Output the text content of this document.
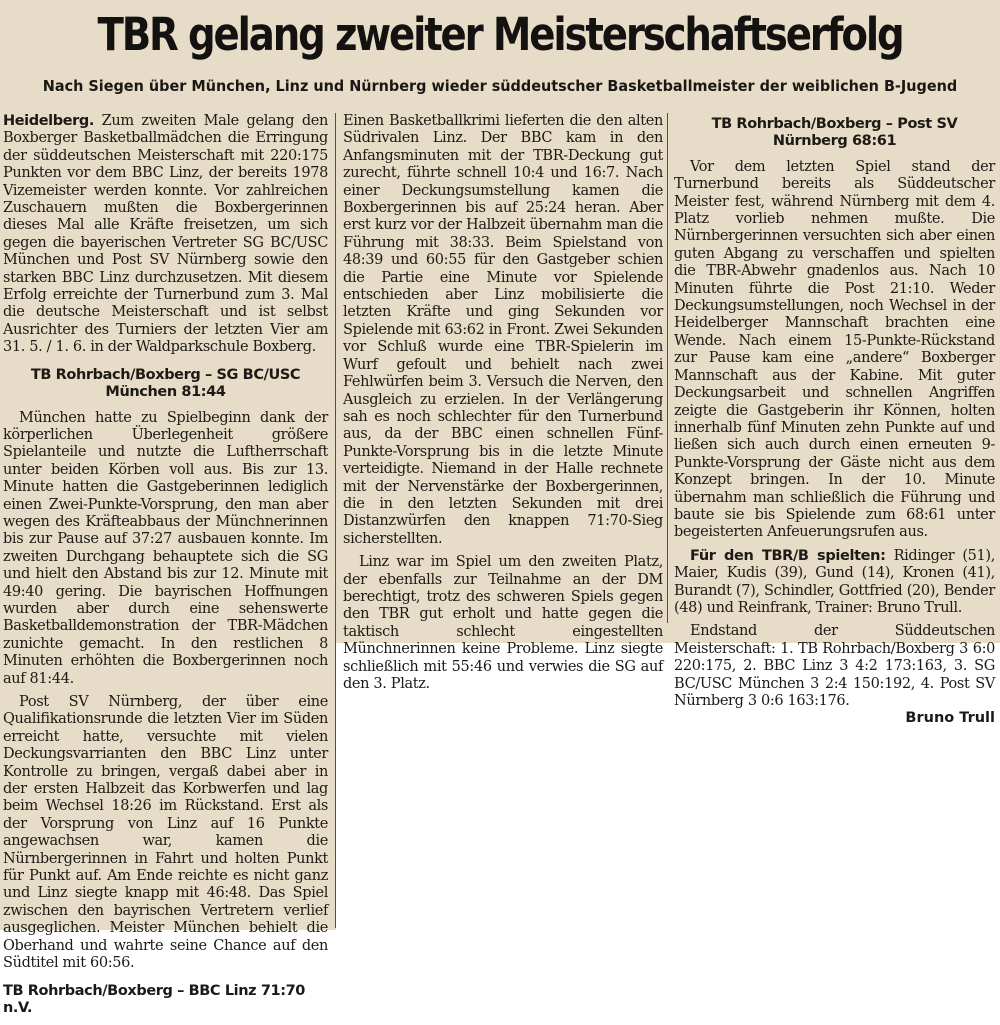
TBR gelang zweiter Meisterschaftserfolg
Nach Siegen über München, Linz und Nürnberg wieder süddeutscher Basketballmeister der weiblichen B-Jugend

Heidelberg. Zum zweiten Male gelang den Boxberger Basketballmädchen die Erringung der süddeutschen Meisterschaft mit 220:175 Punkten vor dem BBC Linz, der bereits 1978 Vizemeister werden konnte. Vor zahlreichen Zuschauern mußten die Boxbergerinnen dieses Mal alle Kräfte freisetzen, um sich gegen die bayerischen Vertreter SG BC/USC München und Post SV Nürnberg sowie den starken BBC Linz durchzusetzen. Mit diesem Erfolg erreichte der Turnerbund zum 3. Mal die deutsche Meisterschaft und ist selbst Ausrichter des Turniers der letzten Vier am 31. 5. / 1. 6. in der Waldparkschule Boxberg.

TB Rohrbach/Boxberg – SG BC/USC München 81:44

München hatte zu Spielbeginn dank der körperlichen Überlegenheit größere Spielanteile und nutzte die Luftherrschaft unter beiden Körben voll aus. Bis zur 13. Minute hatten die Gastgeberinnen lediglich einen Zwei-Punkte-Vorsprung, den man aber wegen des Kräfteabbaus der Münchnerinnen bis zur Pause auf 37:27 ausbauen konnte. Im zweiten Durchgang behauptete sich die SG und hielt den Abstand bis zur 12. Minute mit 49:40 gering. Die bayrischen Hoffnungen wurden aber durch eine sehenswerte Basketballdemonstration der TBR-Mädchen zunichte gemacht. In den restlichen 8 Minuten erhöhten die Boxbergerinnen noch auf 81:44.

Post SV Nürnberg, der über eine Qualifikationsrunde die letzten Vier im Süden erreicht hatte, versuchte mit vielen Deckungsvarrianten den BBC Linz unter Kontrolle zu bringen, vergaß dabei aber in der ersten Halbzeit das Korbwerfen und lag beim Wechsel 18:26 im Rückstand. Erst als der Vorsprung von Linz auf 16 Punkte angewachsen war, kamen die Nürnbergerinnen in Fahrt und holten Punkt für Punkt auf. Am Ende reichte es nicht ganz und Linz siegte knapp mit 46:48. Das Spiel zwischen den bayrischen Vertretern verlief ausgeglichen. Meister München behielt die Oberhand und wahrte seine Chance auf den Südtitel mit 60:56.

TB Rohrbach/Boxberg – BBC Linz 71:70 n.V.

Einen Basketballkrimi lieferten die den alten Südrivalen Linz. Der BBC kam in den Anfangsminuten mit der TBR-Deckung gut zurecht, führte schnell 10:4 und 16:7. Nach einer Deckungsumstellung kamen die Boxbergerinnen bis auf 25:24 heran. Aber erst kurz vor der Halbzeit übernahm man die Führung mit 38:33. Beim Spielstand von 48:39 und 60:55 für den Gastgeber schien die Partie eine Minute vor Spielende entschieden aber Linz mobilisierte die letzten Kräfte und ging Sekunden vor Spielende mit 63:62 in Front. Zwei Sekunden vor Schluß wurde eine TBR-Spielerin im Wurf gefoult und behielt nach zwei Fehlwürfen beim 3. Versuch die Nerven, den Ausgleich zu erzielen. In der Verlängerung sah es noch schlechter für den Turnerbund aus, da der BBC einen schnellen Fünf-Punkte-Vorsprung bis in die letzte Minute verteidigte. Niemand in der Halle rechnete mit der Nervenstärke der Boxbergerinnen, die in den letzten Sekunden mit drei Distanzwürfen den knappen 71:70-Sieg sicherstellten.

Linz war im Spiel um den zweiten Platz, der ebenfalls zur Teilnahme an der DM berechtigt, trotz des schweren Spiels gegen den TBR gut erholt und hatte gegen die taktisch schlecht eingestellten Münchnerinnen keine Probleme. Linz siegte schließlich mit 55:46 und verwies die SG auf den 3. Platz.

TB Rohrbach/Boxberg – Post SV Nürnberg 68:61

Vor dem letzten Spiel stand der Turnerbund bereits als Süddeutscher Meister fest, während Nürnberg mit dem 4. Platz vorlieb nehmen mußte. Die Nürnbergerinnen versuchten sich aber einen guten Abgang zu verschaffen und spielten die TBR-Abwehr gnadenlos aus. Nach 10 Minuten führte die Post 21:10. Weder Deckungsumstellungen, noch Wechsel in der Heidelberger Mannschaft brachten eine Wende. Nach einem 15-Punkte-Rückstand zur Pause kam eine „andere“ Boxberger Mannschaft aus der Kabine. Mit guter Deckungsarbeit und schnellen Angriffen zeigte die Gastgeberin ihr Können, holten innerhalb fünf Minuten zehn Punkte auf und ließen sich auch durch einen erneuten 9-Punkte-Vorsprung der Gäste nicht aus dem Konzept bringen. In der 10. Minute übernahm man schließlich die Führung und baute sie bis Spielende zum 68:61 unter begeisterten Anfeuerungsrufen aus.

Für den TBR/B spielten: Ridinger (51), Maier, Kudis (39), Gund (14), Kronen (41), Burandt (7), Schindler, Gottfried (20), Bender (48) und Reinfrank, Trainer: Bruno Trull.

Endstand der Süddeutschen Meisterschaft: 1. TB Rohrbach/Boxberg 3 6:0 220:175, 2. BBC Linz 3 4:2 173:163, 3. SG BC/USC München 3 2:4 150:192, 4. Post SV Nürnberg 3 0:6 163:176.

Bruno Trull
